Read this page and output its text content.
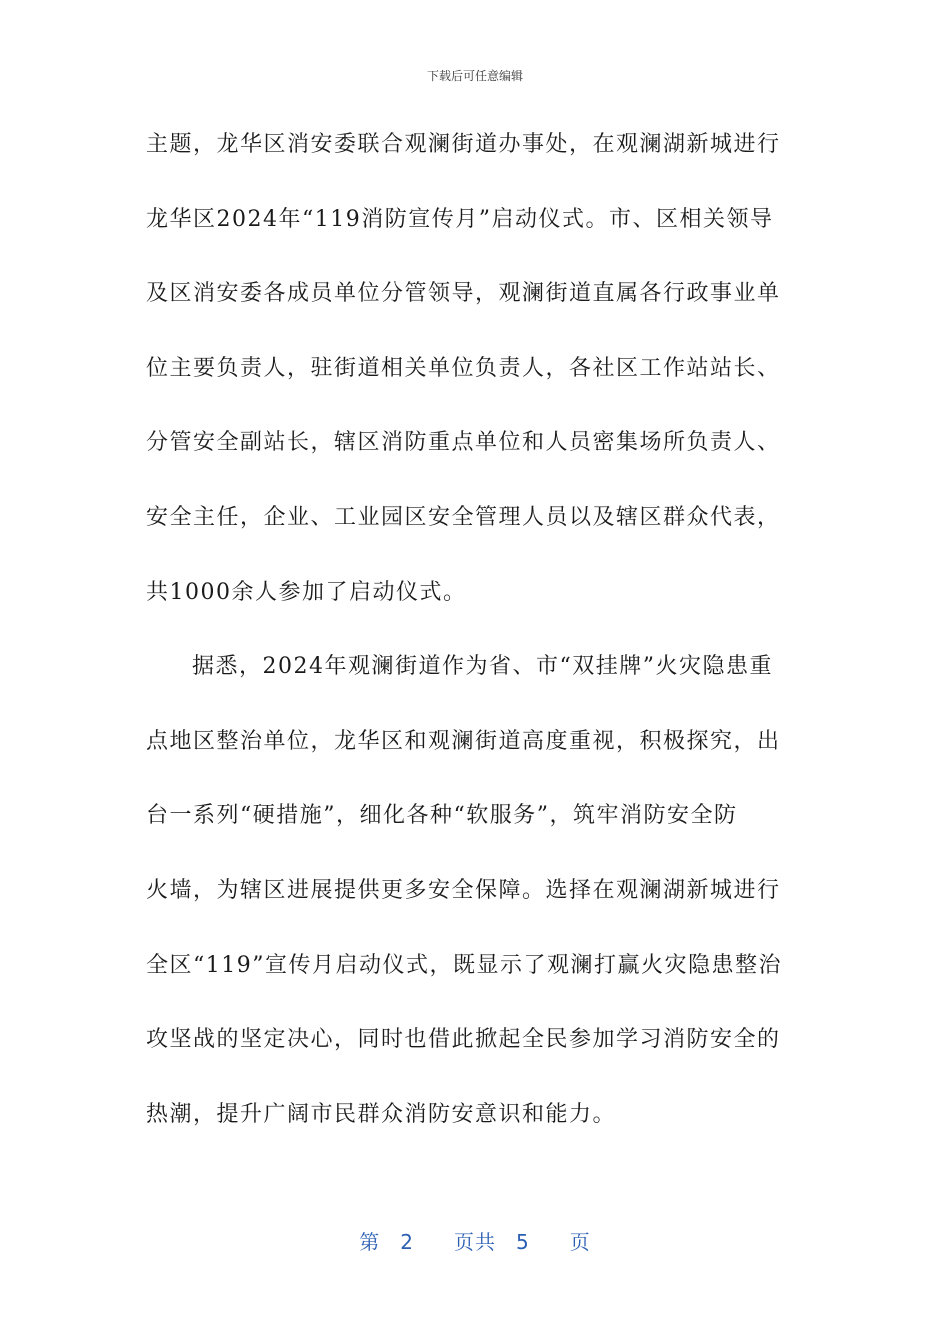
下载后可任意编辑
主题，龙华区消安委联合观澜街道办事处，在观澜湖新城进行
龙华区2024年“119消防宣传月”启动仪式。市、区相关领导
及区消安委各成员单位分管领导，观澜街道直属各行政事业单
位主要负责人，驻街道相关单位负责人，各社区工作站站长、
分管安全副站长，辖区消防重点单位和人员密集场所负责人、
安全主任，企业、工业园区安全管理人员以及辖区群众代表，
共1000余人参加了启动仪式。
据悉，2024年观澜街道作为省、市“双挂牌”火灾隐患重
点地区整治单位，龙华区和观澜街道高度重视，积极探究，出
台一系列“硬措施”，细化各种“软服务”，筑牢消防安全防
火墙，为辖区进展提供更多安全保障。选择在观澜湖新城进行
全区“119”宣传月启动仪式，既显示了观澜打赢火灾隐患整治
攻坚战的坚定决心，同时也借此掀起全民参加学习消防安全的
热潮，提升广阔市民群众消防安意识和能力。
第 2 页共 5 页
